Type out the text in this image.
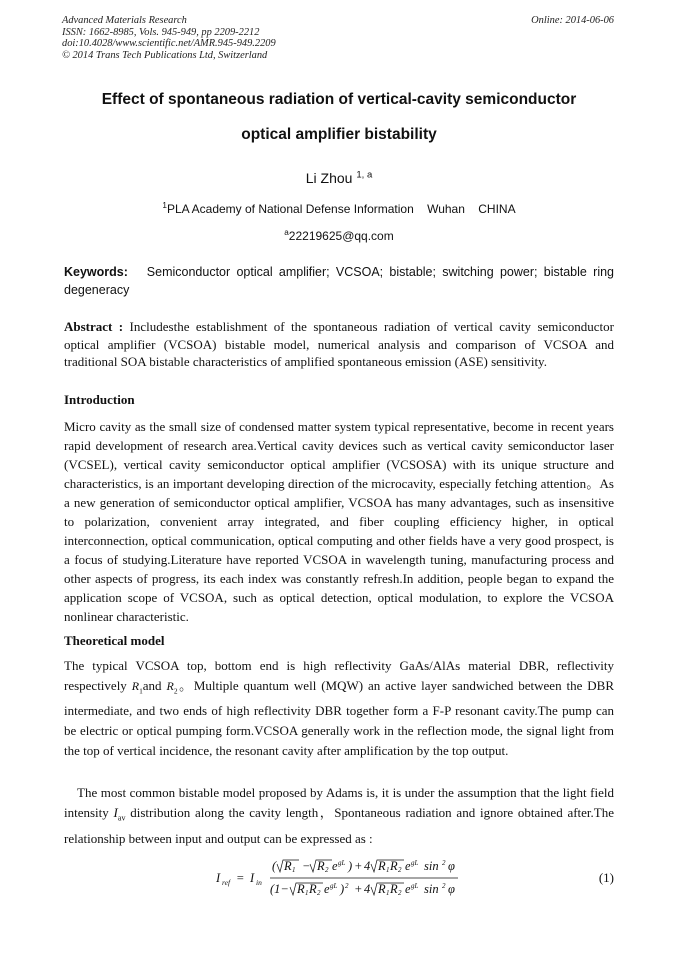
Advanced Materials Research
ISSN: 1662-8985, Vols. 945-949, pp 2209-2212
doi:10.4028/www.scientific.net/AMR.945-949.2209
© 2014 Trans Tech Publications Ltd, Switzerland
Online: 2014-06-06
Effect of spontaneous radiation of vertical-cavity semiconductor
optical amplifier bistability
Li Zhou $^{1, a}$
$^1$PLA Academy of National Defense Information    Wuhan    CHINA
$^a$22219625@qq.com
Keywords: Semiconductor optical amplifier; VCSOA; bistable; switching power; bistable ring degeneracy
Abstract : Includesthe establishment of the spontaneous radiation of vertical cavity semiconductor optical amplifier (VCSOA) bistable model, numerical analysis and comparison of VCSOA and traditional SOA bistable characteristics of amplified spontaneous emission (ASE) sensitivity.
Introduction
Micro cavity as the small size of condensed matter system typical representative, become in recent years rapid development of research area.Vertical cavity devices such as vertical cavity semiconductor laser (VCSEL), vertical cavity semiconductor optical amplifier (VCSOSA) with its unique structure and characteristics, is an important developing direction of the microcavity, especially fetching attention。As a new generation of semiconductor optical amplifier, VCSOA has many advantages, such as insensitive to polarization, convenient array integrated, and fiber coupling efficiency higher, in optical interconnection, optical communication, optical computing and other fields have a very good prospect, is a focus of studying.Literature have reported VCSOA in wavelength tuning, manufacturing process and other aspects of progress, its each index was constantly refresh.In addition, people began to expand the application scope of VCSOA, such as optical detection, optical modulation, to explore the VCSOA nonlinear characteristic.
Theoretical model
The typical VCSOA top, bottom end is high reflectivity GaAs/AlAs material DBR, reflectivity respectively $R_1and$ $R_2$。Multiple quantum well (MQW) an active layer sandwiched between the DBR intermediate, and two ends of high reflectivity DBR together form a F-P resonant cavity.The pump can be electric or optical pumping form.VCSOA generally work in the reflection mode, the signal light from the top of vertical incidence, the resonant cavity after amplification by the top output.
The most common bistable model proposed by Adams is, it is under the assumption that the light field intensity $I_{av}$ distribution along the cavity length，Spontaneous radiation and ignore obtained after.The relationship between input and output can be expressed as :
I ref = I in
( R 1 − R 2 e gL ) + 4 R 1 R 2 e gL sin 2 φ
(1− R 1 R 2 e gL ) 2 + 4 R 1 R 2 e gL sin 2 φ
(1)
